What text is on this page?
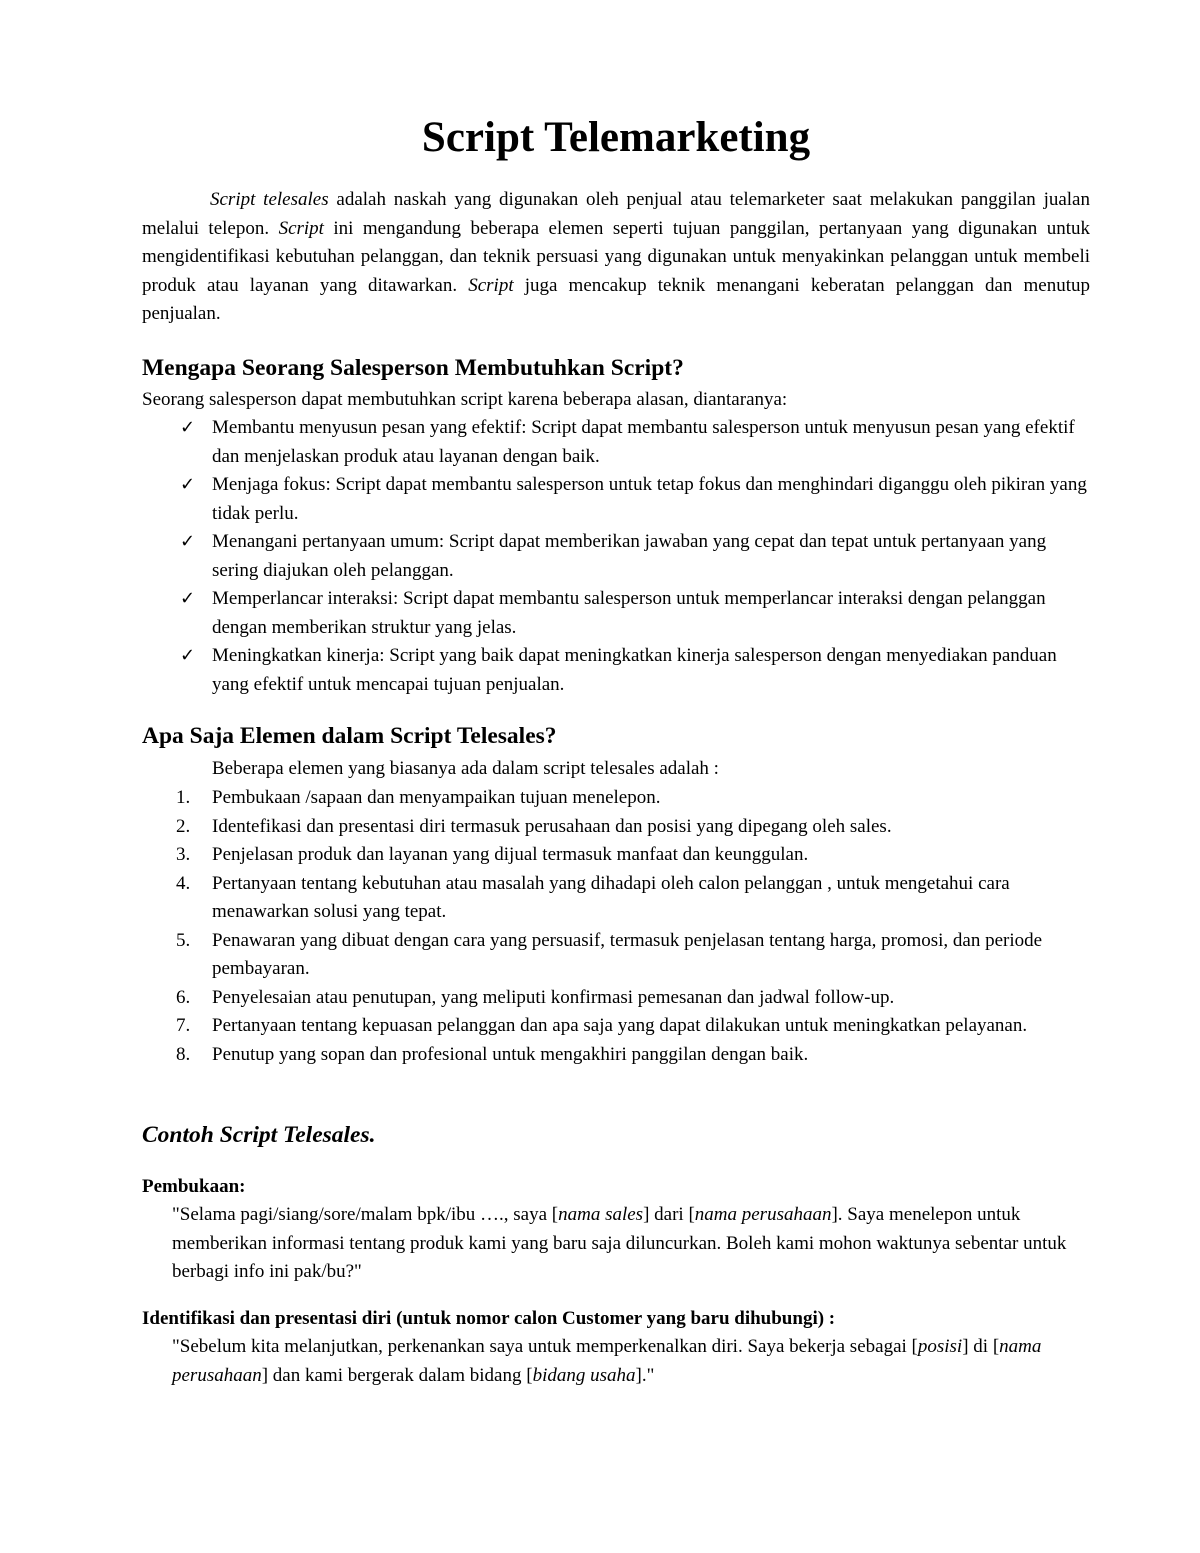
Script Telemarketing

Script telesales adalah naskah yang digunakan oleh penjual atau telemarketer saat melakukan panggilan jualan melalui telepon. Script ini mengandung beberapa elemen seperti tujuan panggilan, pertanyaan yang digunakan untuk mengidentifikasi kebutuhan pelanggan, dan teknik persuasi yang digunakan untuk menyakinkan pelanggan untuk membeli produk atau layanan yang ditawarkan. Script juga mencakup teknik menangani keberatan pelanggan dan menutup penjualan.

Mengapa Seorang Salesperson Membutuhkan Script?

Seorang salesperson dapat membutuhkan script karena beberapa alasan, diantaranya:

✓ Membantu menyusun pesan yang efektif: Script dapat membantu salesperson untuk menyusun pesan yang efektif dan menjelaskan produk atau layanan dengan baik.
✓ Menjaga fokus: Script dapat membantu salesperson untuk tetap fokus dan menghindari diganggu oleh pikiran yang tidak perlu.
✓ Menangani pertanyaan umum: Script dapat memberikan jawaban yang cepat dan tepat untuk pertanyaan yang sering diajukan oleh pelanggan.
✓ Memperlancar interaksi: Script dapat membantu salesperson untuk memperlancar interaksi dengan pelanggan dengan memberikan struktur yang jelas.
✓ Meningkatkan kinerja: Script yang baik dapat meningkatkan kinerja salesperson dengan menyediakan panduan yang efektif untuk mencapai tujuan penjualan.
Apa Saja Elemen dalam Script Telesales?

Beberapa elemen yang biasanya ada dalam script telesales adalah :

1. Pembukaan /sapaan dan menyampaikan tujuan menelepon.
2. Identefikasi dan presentasi diri termasuk perusahaan dan posisi yang dipegang oleh sales.
3. Penjelasan produk dan layanan yang dijual termasuk manfaat dan keunggulan.
4. Pertanyaan tentang kebutuhan atau masalah yang dihadapi oleh calon pelanggan , untuk mengetahui cara menawarkan solusi yang tepat.
5. Penawaran yang dibuat dengan cara yang persuasif, termasuk penjelasan tentang harga, promosi, dan periode pembayaran.
6. Penyelesaian atau penutupan, yang meliputi konfirmasi pemesanan dan jadwal follow-up.
7. Pertanyaan tentang kepuasan pelanggan dan apa saja yang dapat dilakukan untuk meningkatkan pelayanan.
8. Penutup yang sopan dan profesional untuk mengakhiri panggilan dengan baik.
Contoh Script Telesales.
Pembukaan:

"Selama pagi/siang/sore/malam bpk/ibu …., saya [nama sales] dari [nama perusahaan]. Saya menelepon untuk memberikan informasi tentang produk kami yang baru saja diluncurkan. Boleh kami mohon waktunya sebentar untuk berbagi info ini pak/bu?"

Identifikasi dan presentasi diri (untuk nomor calon Customer yang baru dihubungi) :

"Sebelum kita melanjutkan, perkenankan saya untuk memperkenalkan diri. Saya bekerja sebagai [posisi] di [nama perusahaan] dan kami bergerak dalam bidang [bidang usaha]."
